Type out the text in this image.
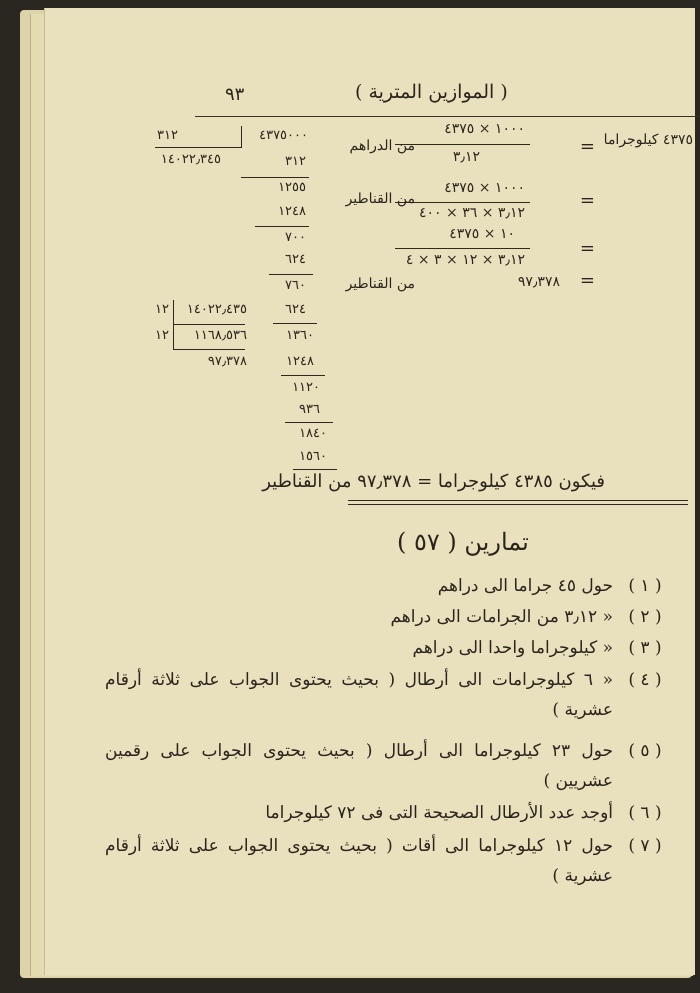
( الموازين المترية )
٩٣
٤٣٧٥٠٠٠
٣١٢
١٤٠٢٢٫٣٤٥	٣١٢
١٢٥٥
١٢٤٨
٧٠٠
٦٢٤
٧٦٠
٦٢٤
١٣٦٠
١٢٤٨
١١٢٠
٩٣٦
١٨٤٠
١٥٦٠
١٤٠٢٢٫٤٣٥
١٢
١١٦٨٫٥٣٦
١٢
٩٧٫٣٧٨
٤٣٧٥ كيلوجراما
=
١٠٠٠ × ٤٣٧٥
٣٫١٢
من الدراهم
=
١٠٠٠ × ٤٣٧٥
٣٫١٢ × ٣٦ × ٤٠٠
من القناطير
=
١٠ × ٤٣٧٥
٣٫١٢ × ١٢ × ٣ × ٤
=
٩٧٫٣٧٨
من القناطير
فيكون ٤٣٨٥ كيلوجراما = ٩٧٫٣٧٨ من القناطير
تمارين ( ٥٧ )
( ١ )
حول ٤٥ جراما الى دراهم
( ٢ )
« ٣٫١٢ من الجرامات الى دراهم
( ٣ )
« كيلوجراما واحدا الى دراهم
( ٤ )
« ٦ كيلوجرامات الى أرطال ( بحيث يحتوى الجواب على ثلاثة أرقام عشرية )
( ٥ )
حول ٢٣ كيلوجراما الى أرطال ( بحيث يحتوى الجواب على رقمين عشريين )
( ٦ )
أوجد عدد الأرطال الصحيحة التى فى ٧٢ كيلوجراما
( ٧ )
حول ١٢ كيلوجراما الى أقات ( بحيث يحتوى الجواب على ثلاثة أرقام عشرية )
